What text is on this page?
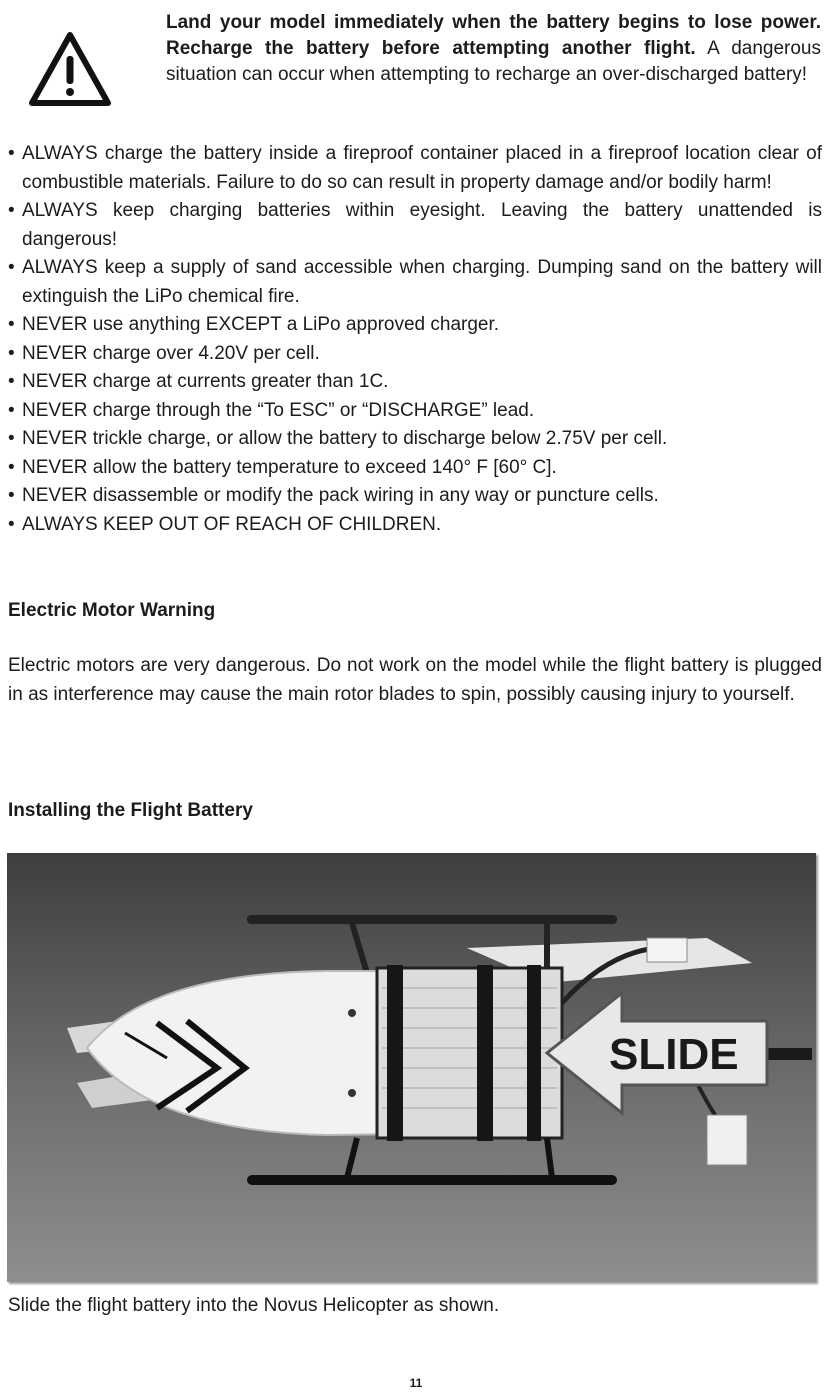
Land your model immediately when the battery begins to lose power. Recharge the battery before attempting another flight. A dangerous situation can occur when attempting to recharge an over-discharged battery!

• ALWAYS charge the battery inside a fireproof container placed in a fireproof location clear of combustible materials. Failure to do so can result in property damage and/or bodily harm!
• ALWAYS keep charging batteries within eyesight. Leaving the battery unattended is dangerous!
• ALWAYS keep a supply of sand accessible when charging. Dumping sand on the battery will extinguish the LiPo chemical fire.
• NEVER use anything EXCEPT a LiPo approved charger.
• NEVER charge over 4.20V per cell.
• NEVER charge at currents greater than 1C.
• NEVER charge through the “To ESC” or “DISCHARGE” lead.
• NEVER trickle charge, or allow the battery to discharge below 2.75V per cell.
• NEVER allow the battery temperature to exceed 140° F [60° C].
• NEVER disassemble or modify the pack wiring in any way or puncture cells.
• ALWAYS KEEP OUT OF REACH OF CHILDREN.
Electric Motor Warning

Electric motors are very dangerous. Do not work on the model while the flight battery is plugged in as interference may cause the main rotor blades to spin, possibly causing injury to yourself.

Installing the Flight Battery
SLIDE

Slide the flight battery into the Novus Helicopter as shown.

11
